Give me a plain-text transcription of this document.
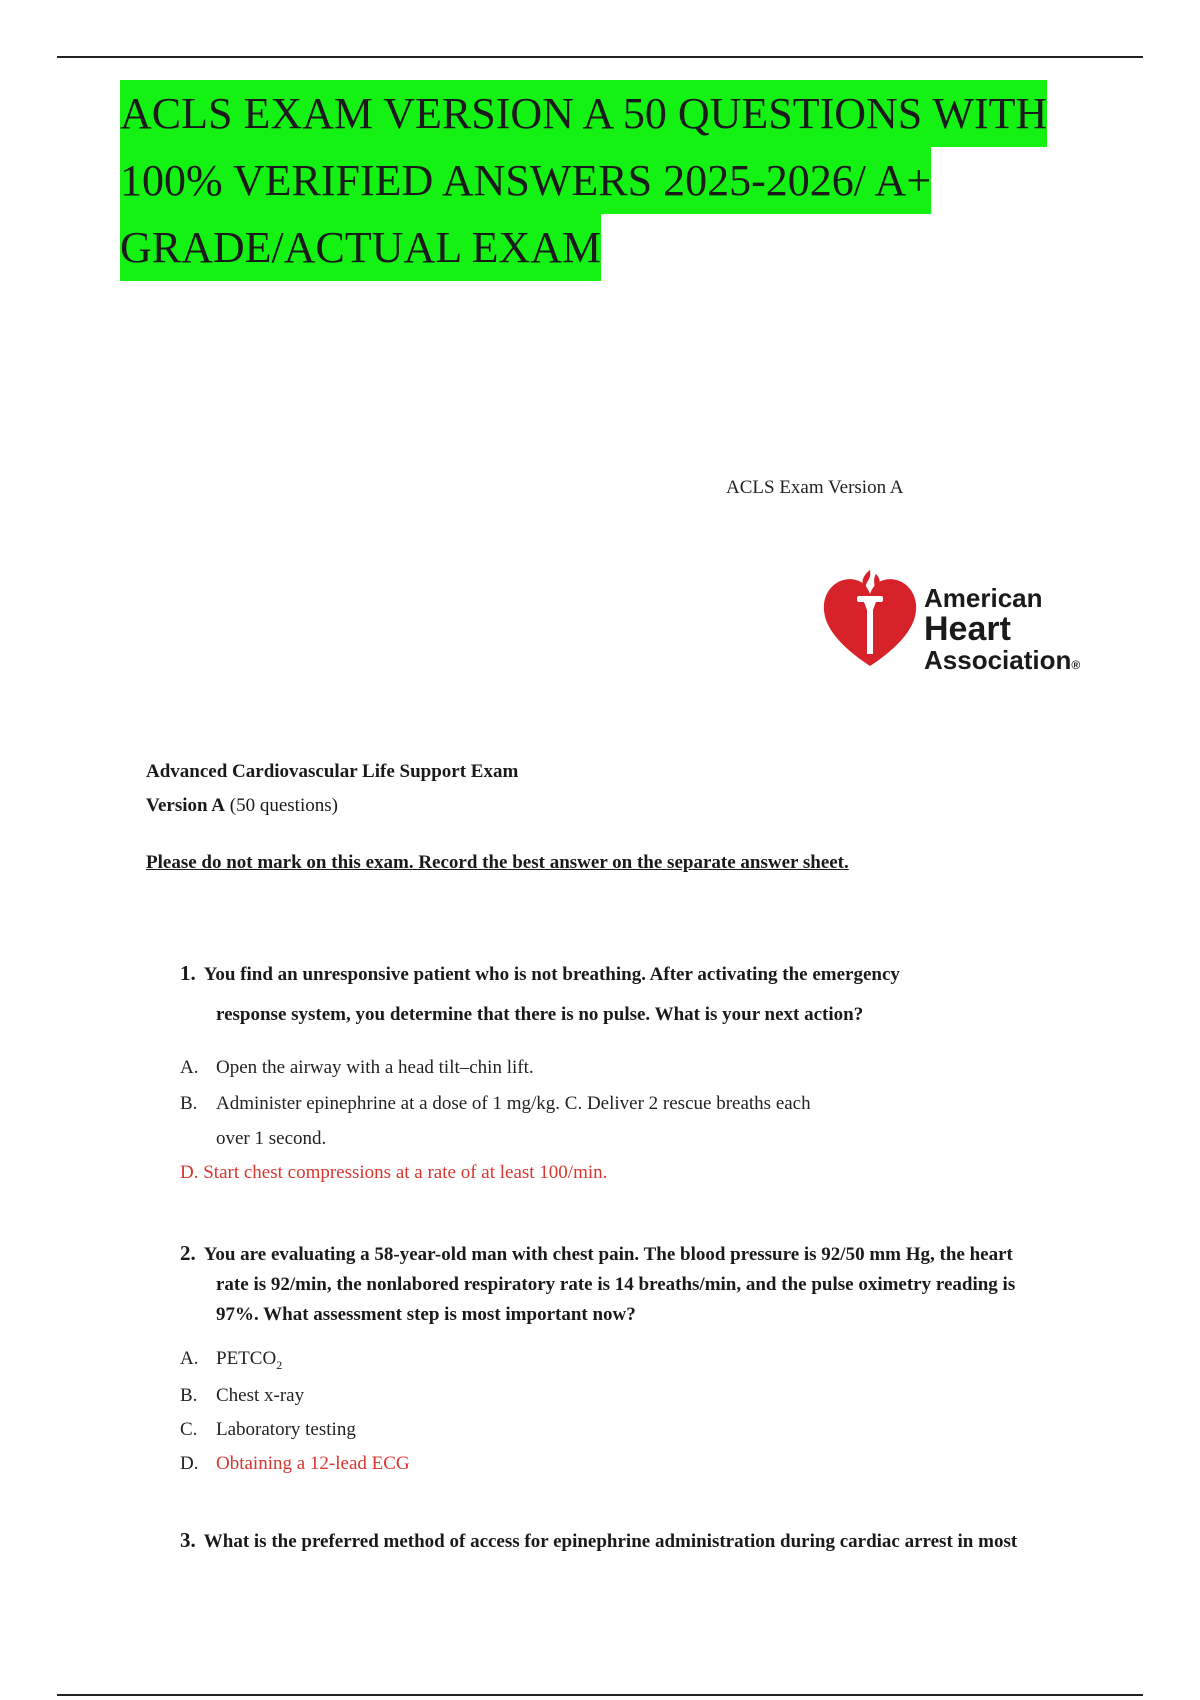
ACLS EXAM VERSION A 50 QUESTIONS WITH
100% VERIFIED ANSWERS 2025-2026/ A+
GRADE/ACTUAL EXAM
ACLS Exam Version A
American
Heart
Association®
Advanced Cardiovascular Life Support Exam
Version A (50 questions)
Please do not mark on this exam. Record the best answer on the separate answer sheet.
1. You find an unresponsive patient who is not breathing. After activating the emergency
response system, you determine that there is no pulse. What is your next action?
A. Open the airway with a head tilt–chin lift.
B. Administer epinephrine at a dose of 1 mg/kg. C. Deliver 2 rescue breaths each
over 1 second.
D. Start chest compressions at a rate of at least 100/min.
2. You are evaluating a 58-year-old man with chest pain. The blood pressure is 92/50 mm Hg, the heart
rate is 92/min, the nonlabored respiratory rate is 14 breaths/min, and the pulse oximetry reading is
97%. What assessment step is most important now?
A. $PETCO_2$
B. Chest x-ray
C. Laboratory testing
D. Obtaining a 12-lead ECG
3. What is the preferred method of access for epinephrine administration during cardiac arrest in most
